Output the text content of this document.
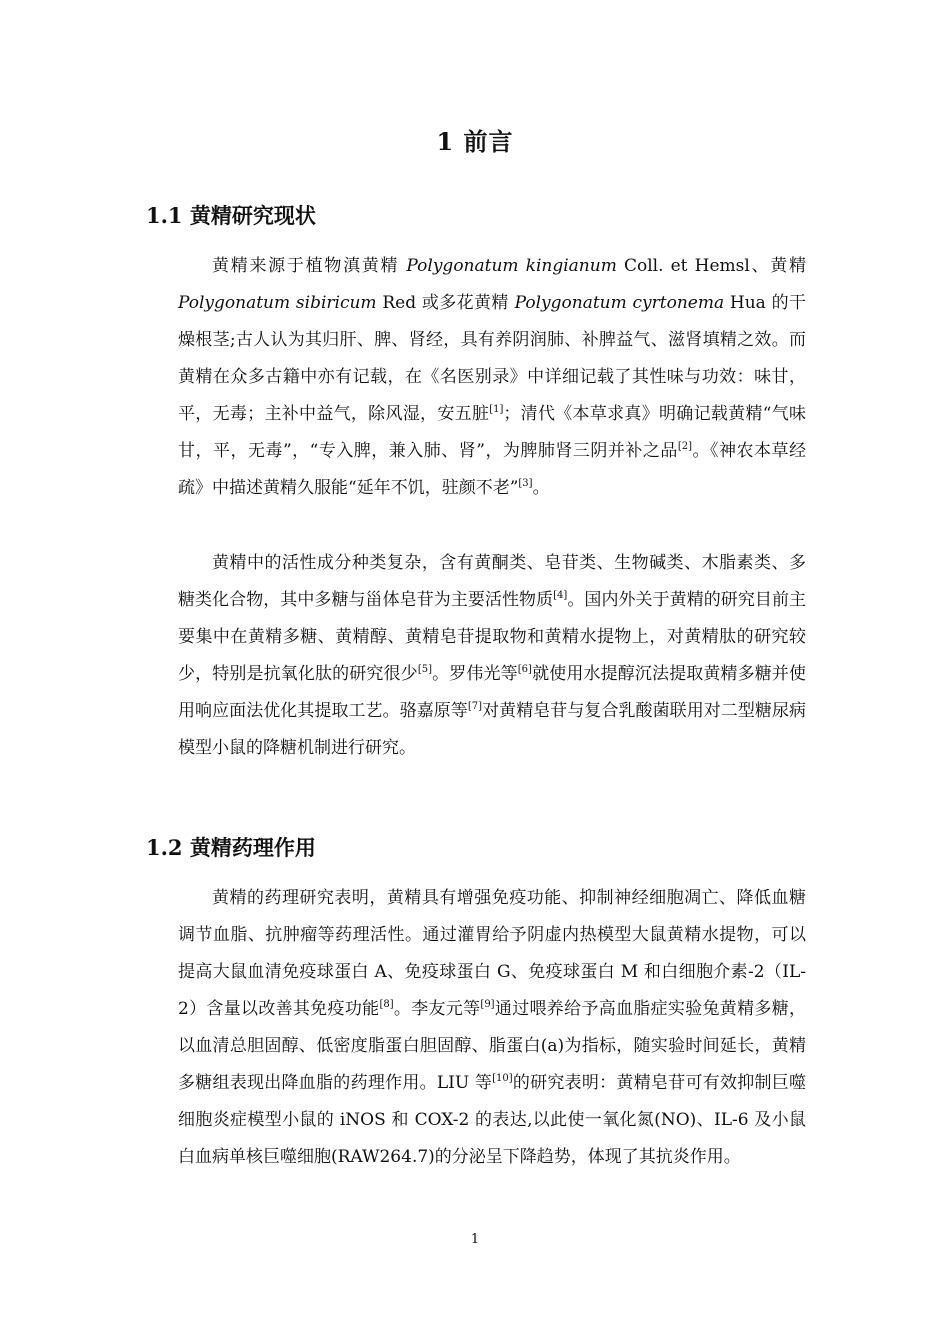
1 前言
1.1 黄精研究现状

黄精来源于植物滇黄精 Polygonatum kingianum Coll. et Hemsl、黄精 Polygonatum sibiricum Red 或多花黄精 Polygonatum cyrtonema Hua 的干燥根茎;古人认为其归肝、脾、肾经，具有养阴润肺、补脾益气、滋肾填精之效。而黄精在众多古籍中亦有记载，在《名医别录》中详细记载了其性味与功效：味甘，平，无毒；主补中益气，除风湿，安五脏[1]；清代《本草求真》明确记载黄精“气味甘，平，无毒”，“专入脾，兼入肺、肾”，为脾肺肾三阴并补之品[2]。《神农本草经疏》中描述黄精久服能“延年不饥，驻颜不老”[3]。

黄精中的活性成分种类复杂，含有黄酮类、皂苷类、生物碱类、木脂素类、多糖类化合物，其中多糖与甾体皂苷为主要活性物质[4]。国内外关于黄精的研究目前主要集中在黄精多糖、黄精醇、黄精皂苷提取物和黄精水提物上，对黄精肽的研究较少，特别是抗氧化肽的研究很少[5]。罗伟光等[6]就使用水提醇沉法提取黄精多糖并使用响应面法优化其提取工艺。骆嘉原等[7]对黄精皂苷与复合乳酸菌联用对二型糖尿病模型小鼠的降糖机制进行研究。

1.2 黄精药理作用

黄精的药理研究表明，黄精具有增强免疫功能、抑制神经细胞凋亡、降低血糖调节血脂、抗肿瘤等药理活性。通过灌胃给予阴虚内热模型大鼠黄精水提物，可以提高大鼠血清免疫球蛋白 A、免疫球蛋白 G、免疫球蛋白 M 和白细胞介素-2（IL-2）含量以改善其免疫功能[8]。李友元等[9]通过喂养给予高血脂症实验兔黄精多糖，以血清总胆固醇、低密度脂蛋白胆固醇、脂蛋白(a)为指标，随实验时间延长，黄精多糖组表现出降血脂的药理作用。LIU 等[10]的研究表明：黄精皂苷可有效抑制巨噬细胞炎症模型小鼠的 iNOS 和 COX-2 的表达,以此使一氧化氮(NO)、IL-6 及小鼠白血病单核巨噬细胞(RAW264.7)的分泌呈下降趋势，体现了其抗炎作用。

1
